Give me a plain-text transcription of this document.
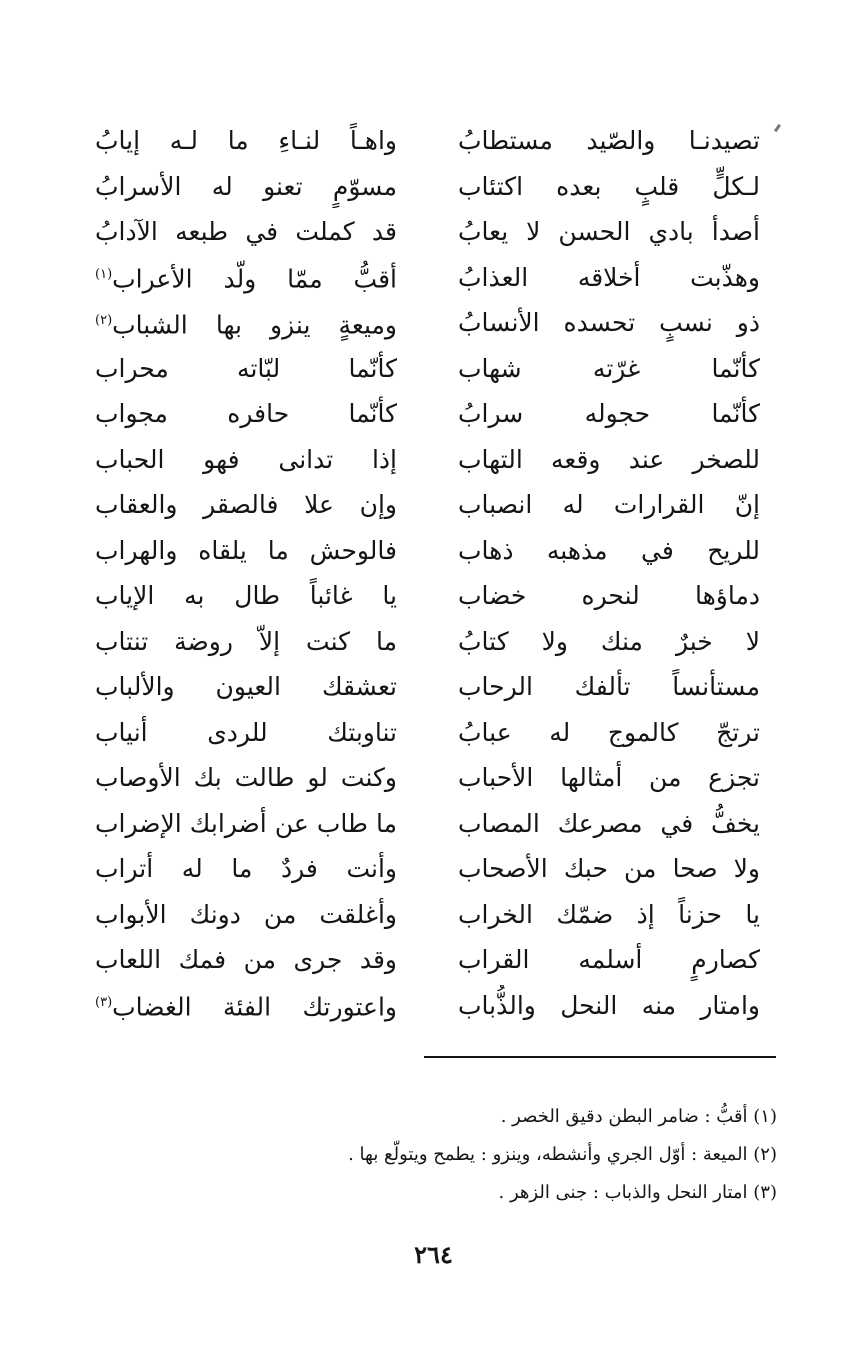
تصيدنـا والصّيد مستطابُ
واهـاً لنـاءِ ما لـه إيابُ
لـكلٍّ قلبٍ بعده اكتئاب
مسوّمٍ تعنو له الأسرابُ
أصدأ بادي الحسن لا يعابُ
قد كملت في طبعه الآدابُ
وهذّبت أخلاقه العذابُ
أقبُّ ممّا ولّد الأعراب$^{(١)}$
ذو نسبٍ تحسده الأنسابُ
وميعةٍ ينزو بها الشباب$^{(٢)}$
كأنّما غرّته شهاب
كأنّما لبّاته محراب
كأنّما حجوله سرابُ
كأنّما حافره مجواب
للصخر عند وقعه التهاب
إذا تدانى فهو الحباب
إنّ القرارات له انصباب
وإن علا فالصقر والعقاب
للريح في مذهبه ذهاب
فالوحش ما يلقاه والهراب
دماؤها لنحره خضاب
يا غائباً طال به الإياب
لا خبرٌ منك ولا كتابُ
ما كنت إلاّ روضة تنتاب
مستأنساً تألفك الرحاب
تعشقك العيون والألباب
ترتجّ كالموج له عبابُ
تناوبتك للردى أنياب
تجزع من أمثالها الأحباب
وكنت لو طالت بك الأوصاب
يخفُّ في مصرعك المصاب
ما طاب عن أضرابك الإضراب
ولا صحا من حبك الأصحاب
وأنت فردٌ ما له أتراب
يا حزناً إذ ضمّك الخراب
وأغلقت من دونك الأبواب
كصارمٍ أسلمه القراب
وقد جرى من فمك اللعاب
وامتار منه النحل والذُّباب
واعتورتك الفئة الغضاب$^{(٣)}$
(١) أقبُّ : ضامر البطن دقيق الخصر .
(٢) الميعة : أوّل الجري وأنشطه، وينزو : يطمح ويتولّع بها .
(٣) امتار النحل والذباب : جنى الزهر .
٢٦٤
